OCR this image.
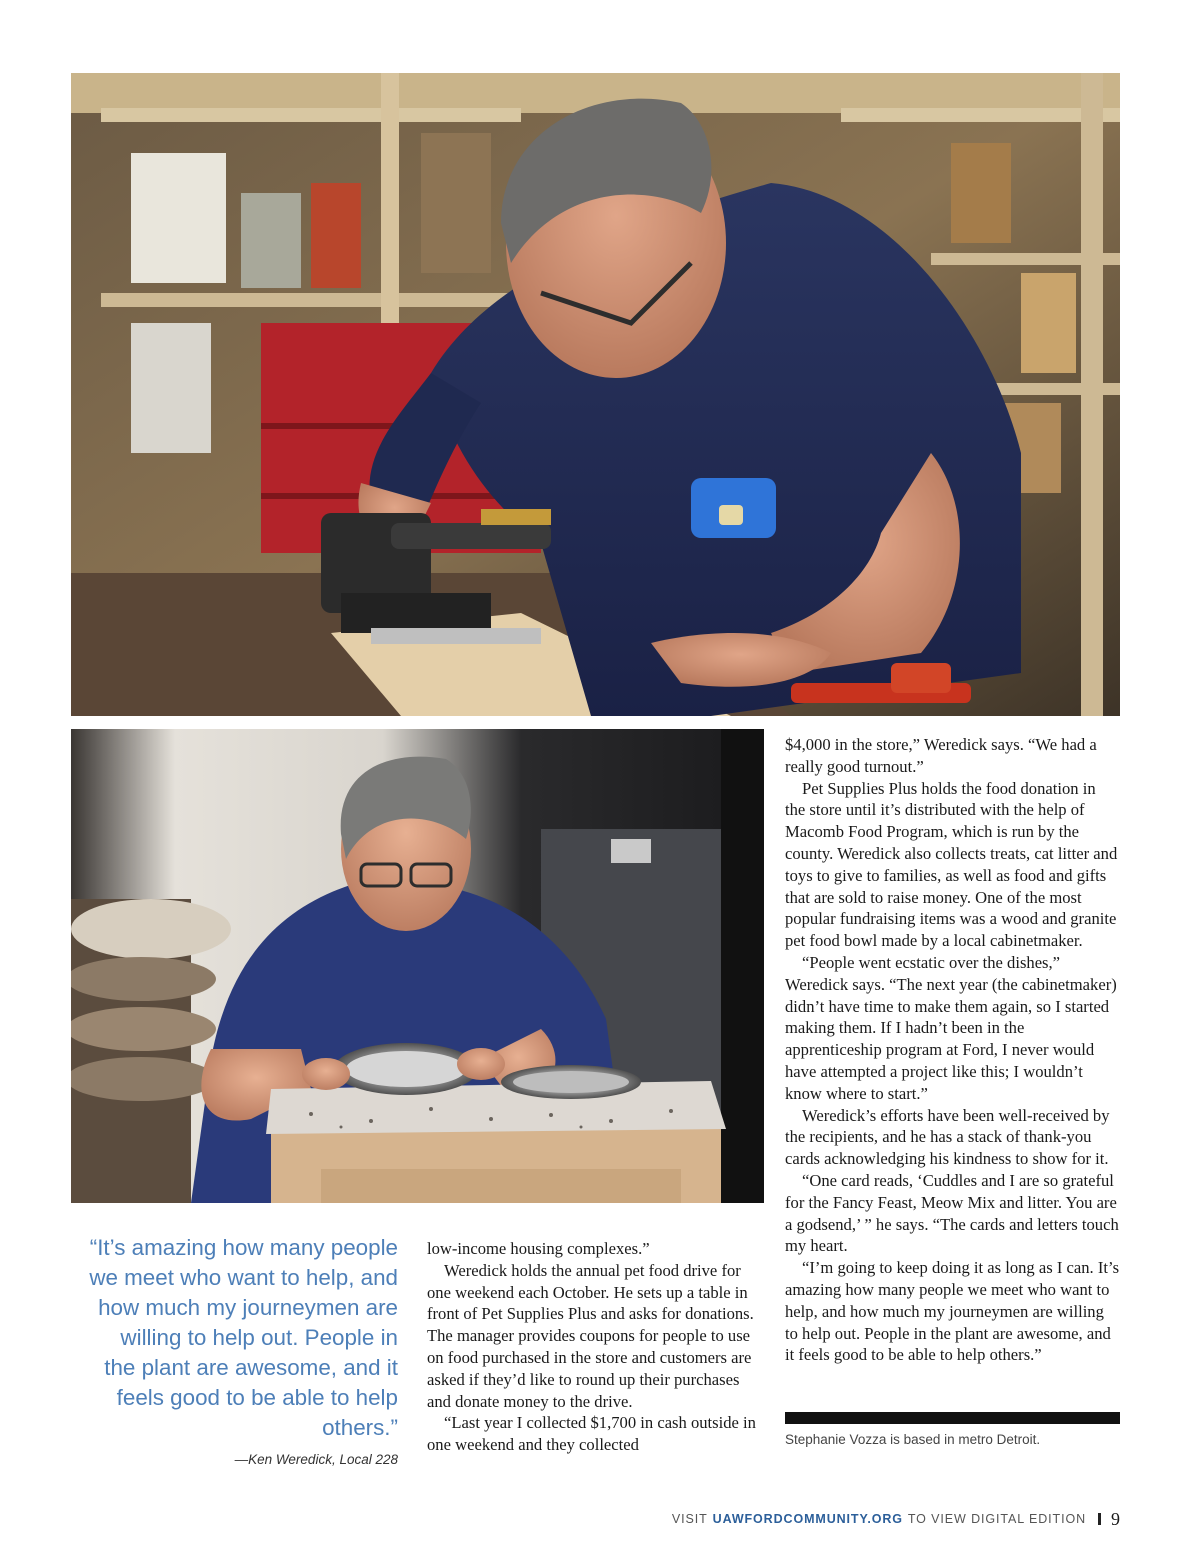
“It’s amazing how many people we meet who want to help, and how much my journeymen are willing to help out. People in the plant are awesome, and it feels good to be able to help others.”
—Ken Weredick, Local 228

low-income housing complexes.”

Weredick holds the annual pet food drive for one weekend each October. He sets up a table in front of Pet Supplies Plus and asks for donations. The manager provides coupons for people to use on food purchased in the store and customers are asked if they’d like to round up their purchases and donate money to the drive.

“Last year I collected $1,700 in cash outside in one weekend and they collected

$4,000 in the store,” Weredick says. “We had a really good turnout.”

Pet Supplies Plus holds the food donation in the store until it’s distributed with the help of Macomb Food Program, which is run by the county. Weredick also collects treats, cat litter and toys to give to families, as well as food and gifts that are sold to raise money. One of the most popular fundraising items was a wood and granite pet food bowl made by a local cabinetmaker.

“People went ecstatic over the dishes,” Weredick says. “The next year (the cabinetmaker) didn’t have time to make them again, so I started making them. If I hadn’t been in the apprenticeship program at Ford, I never would have attempted a project like this; I wouldn’t know where to start.”

Weredick’s efforts have been well-received by the recipients, and he has a stack of thank-you cards acknowledging his kindness to show for it.

“One card reads, ‘Cuddles and I are so grateful for the Fancy Feast, Meow Mix and litter. You are a godsend,’ ” he says. “The cards and letters touch my heart.

“I’m going to keep doing it as long as I can. It’s amazing how many people we meet who want to help, and how much my journeymen are willing to help out. People in the plant are awesome, and it feels good to be able to help others.”

Stephanie Vozza is based in metro Detroit.
VISIT UAWFORDCOMMUNITY.ORG TO VIEW DIGITAL EDITION 9
